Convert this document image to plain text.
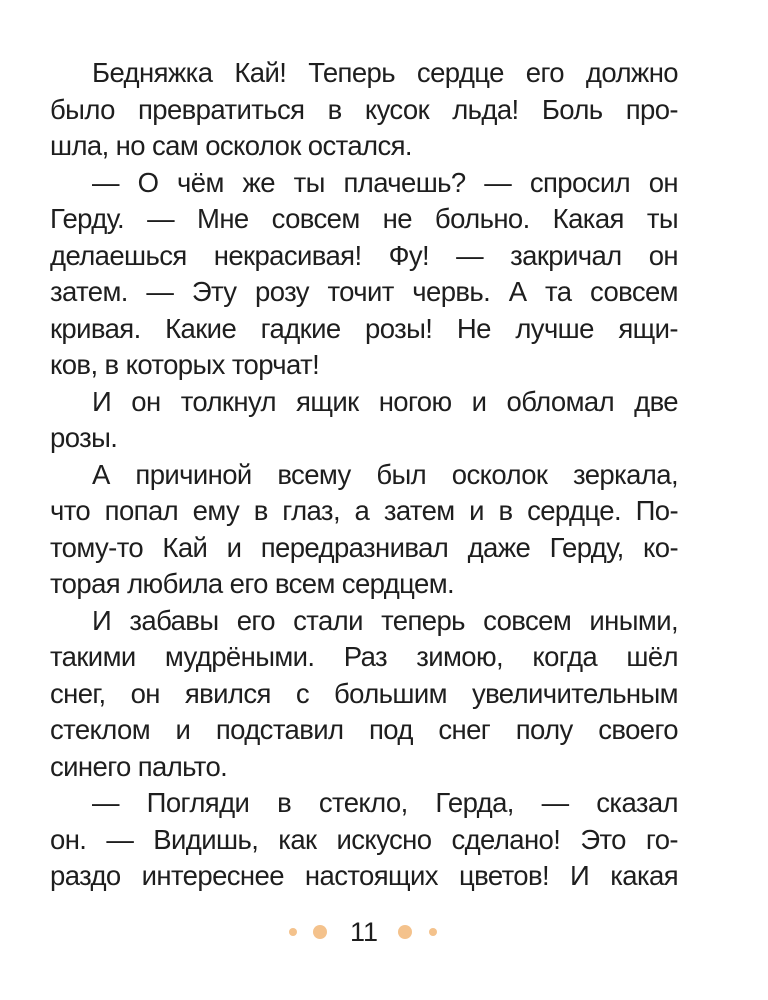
Бедняжка Кай! Теперь сердце его должно
было превратиться в кусок льда! Боль про-
шла, но сам осколок остался.
— О чём же ты плачешь? — спросил он
Герду. — Мне совсем не больно. Какая ты
делаешься некрасивая! Фу! — закричал он
затем. — Эту розу точит червь. А та совсем
кривая. Какие гадкие розы! Не лучше ящи-
ков, в которых торчат!
И он толкнул ящик ногою и обломал две
розы.
А причиной всему был осколок зеркала,
что попал ему в глаз, а затем и в сердце. По-
тому-то Кай и передразнивал даже Герду, ко-
торая любила его всем сердцем.
И забавы его стали теперь совсем иными,
такими мудрёными. Раз зимою, когда шёл
снег, он явился с большим увеличительным
стеклом и подставил под снег полу своего
синего пальто.
— Погляди в стекло, Герда, — сказал
он. — Видишь, как искусно сделано! Это го-
раздо интереснее настоящих цветов! И какая
11
